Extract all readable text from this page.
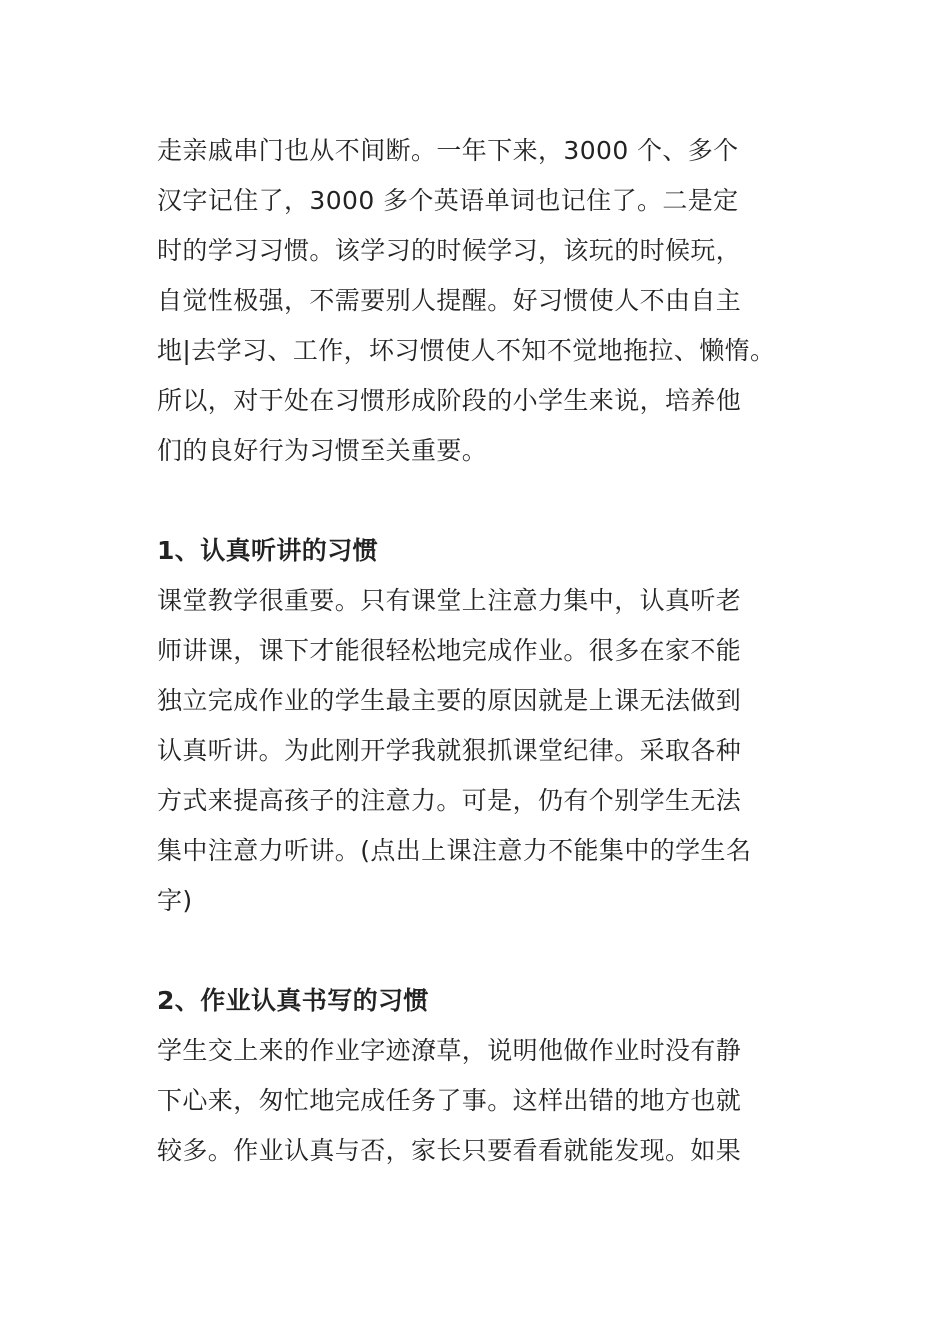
走亲戚串门也从不间断。一年下来，3000 个、多个
汉字记住了，3000 多个英语单词也记住了。二是定
时的学习习惯。该学习的时候学习，该玩的时候玩，
自觉性极强，不需要别人提醒。好习惯使人不由自主
地|去学习、工作，坏习惯使人不知不觉地拖拉、懒惰。
所以，对于处在习惯形成阶段的小学生来说，培养他
们的良好行为习惯至关重要。
1、认真听讲的习惯
课堂教学很重要。只有课堂上注意力集中，认真听老
师讲课，课下才能很轻松地完成作业。很多在家不能
独立完成作业的学生最主要的原因就是上课无法做到
认真听讲。为此刚开学我就狠抓课堂纪律。采取各种
方式来提高孩子的注意力。可是，仍有个别学生无法
集中注意力听讲。(点出上课注意力不能集中的学生名
字)
2、作业认真书写的习惯
学生交上来的作业字迹潦草，说明他做作业时没有静
下心来，匆忙地完成任务了事。这样出错的地方也就
较多。作业认真与否，家长只要看看就能发现。如果
